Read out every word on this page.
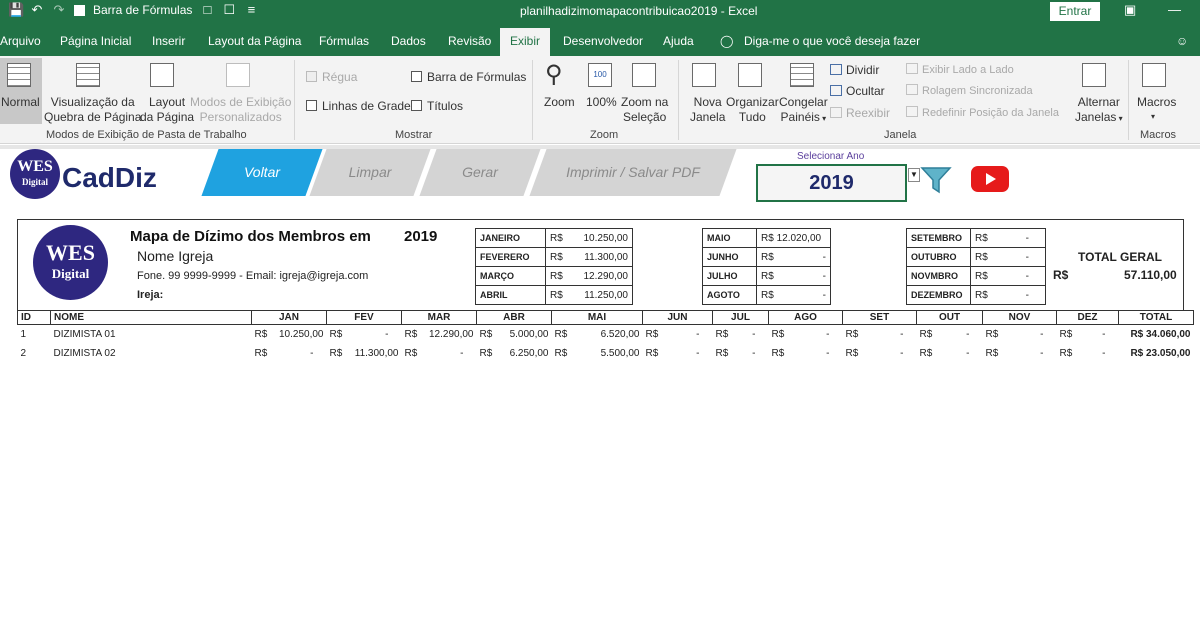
💾 ↶ ↷ Barra de Fórmulas □ ☐ ≡	planilhadizimomapacontribuicao2019 - Excel	Entrar	▣ —
Arquivo Página Inicial Inserir Layout da Página Fórmulas Dados Revisão	Exibir	Desenvolvedor Ajuda ◯ Diga-me o que você deseja fazer	☺
Normal Visualização da
Quebra de Página
Layout
da Página
Modos de Exibição
Personalizados
Modos de Exibição de Pasta de Trabalho
Régua
Linhas de Grade
Barra de Fórmulas
Títulos
Mostrar
⚲
Zoom
100
100% Zoom na
Seleção
Zoom
Nova
Janela
Organizar
Tudo
Congelar
Painéis ▾
Dividir
Ocultar
Reexibir
Exibir Lado a Lado
Rolagem Sincronizada
Redefinir Posição da Janela
Alternar
Janelas ▾
Janela
Macros
▾
Macros
WES
Digital CadDiz	Voltar	Limpar	Gerar	Imprimir / Salvar PDF
Selecionar Ano
2019	▼
WES
Digital
Mapa de Dízimo dos Membros em 2019
Nome Igreja
Fone. 99 9999-9999 - Email: igreja@igreja.com
Ireja:
JANEIRO	R$ 10.250,00

FEVERERO	R$ 11.300,00

MARÇO	R$ 12.290,00

ABRIL	R$ 11.250,00
MAIO	R$ 12.020,00
JUNHO	R$ -

JULHO	R$ -

AGOTO	R$ -
SETEMBRO	R$ -

OUTUBRO	R$ -

NOVMBRO	R$ -

DEZEMBRO	R$ -
TOTAL GERAL
R$	57.110,00
ID	NOME	JAN	FEV	MAR	ABR	MAI	JUN	JUL	AGO	SET	OUT	NOV	DEZ	TOTAL
1	DIZIMISTA 01	R$ 10.250,00	R$ -	R$ 12.290,00	R$ 5.000,00	R$ 6.520,00	R$ -	R$ -	R$ -	R$ -	R$ -	R$ -	R$ -	R$ 34.060,00
2	DIZIMISTA 02	R$ -	R$ 11.300,00	R$ -	R$ 6.250,00	R$ 5.500,00	R$ -	R$ -	R$ -	R$ -	R$ -	R$ -	R$ -	R$ 23.050,00
